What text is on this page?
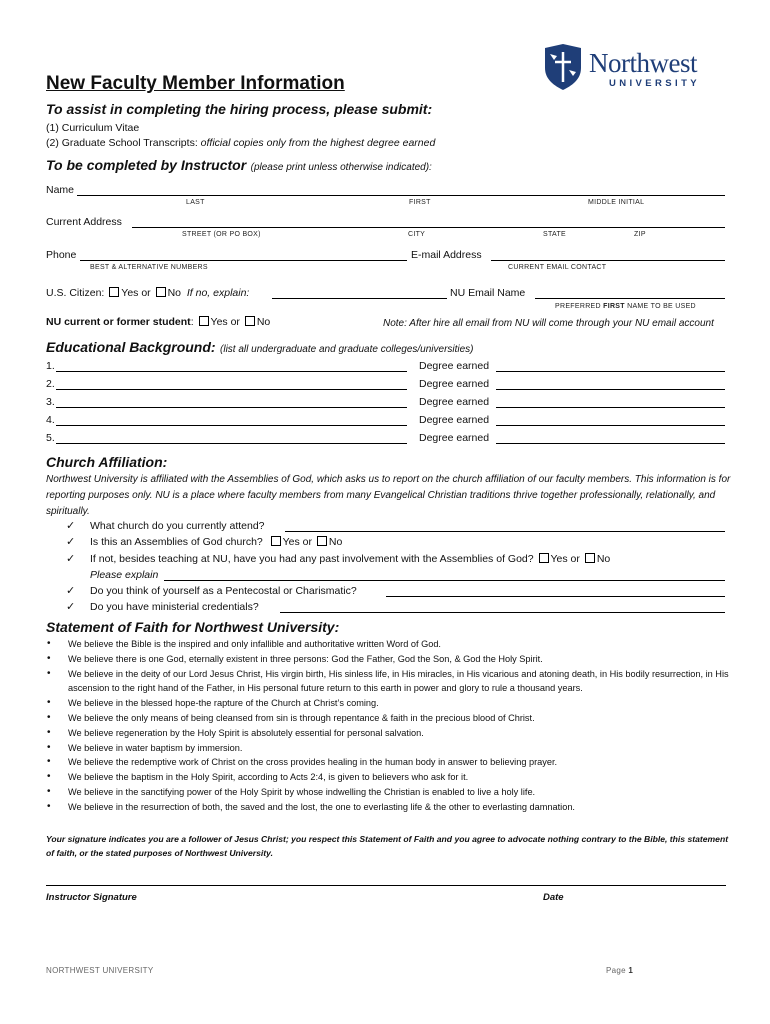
Northwest
UNIVERSITY
New Faculty Member Information
To assist in completing the hiring process, please submit:
(1) Curriculum Vitae
(2) Graduate School Transcripts: official copies only from the highest degree earned
To be completed by Instructor (please print unless otherwise indicated):
Name
LAST	FIRST	MIDDLE INITIAL
Current Address
STREET (OR PO BOX)	CITY	STATE	ZIP
Phone
BEST & ALTERNATIVE NUMBERS
E-mail Address
CURRENT EMAIL CONTACT
U.S. Citizen: Yes or No If no, explain:	NU Email Name
PREFERRED FIRST NAME TO BE USED
NU current or former student: Yes or No	Note: After hire all email from NU will come through your NU email account
Educational Background: (list all undergraduate and graduate colleges/universities)
1.	Degree earned
2.	Degree earned
3.	Degree earned
4.	Degree earned
5.	Degree earned
Church Affiliation:
Northwest University is affiliated with the Assemblies of God, which asks us to report on the church affiliation of our faculty members. This information is for reporting purposes only. NU is a place where faculty members from many Evangelical Christian traditions thrive together professionally, relationally, and spiritually.
✓ What church do you currently attend?
✓ Is this an Assemblies of God church? Yes or No
✓ If not, besides teaching at NU, have you had any past involvement with the Assemblies of God? Yes or No
Please explain
✓ Do you think of yourself as a Pentecostal or Charismatic?
✓ Do you have ministerial credentials?
Statement of Faith for Northwest University:
• We believe the Bible is the inspired and only infallible and authoritative written Word of God.
• We believe there is one God, eternally existent in three persons: God the Father, God the Son, & God the Holy Spirit.
• We believe in the deity of our Lord Jesus Christ, His virgin birth, His sinless life, in His miracles, in His vicarious and atoning death, in His bodily resurrection, in His ascension to the right hand of the Father, in His personal future return to this earth in power and glory to rule a thousand years.
• We believe in the blessed hope-the rapture of the Church at Christ’s coming.
• We believe the only means of being cleansed from sin is through repentance & faith in the precious blood of Christ.
• We believe regeneration by the Holy Spirit is absolutely essential for personal salvation.
• We believe in water baptism by immersion.
• We believe the redemptive work of Christ on the cross provides healing in the human body in answer to believing prayer.
• We believe the baptism in the Holy Spirit, according to Acts 2:4, is given to believers who ask for it.
• We believe in the sanctifying power of the Holy Spirit by whose indwelling the Christian is enabled to live a holy life.
• We believe in the resurrection of both, the saved and the lost, the one to everlasting life & the other to everlasting damnation.
Your signature indicates you are a follower of Jesus Christ; you respect this Statement of Faith and you agree to advocate nothing contrary to the Bible, this statement of faith, or the stated purposes of Northwest University.
Instructor Signature	Date
NORTHWEST UNIVERSITY	Page 1
